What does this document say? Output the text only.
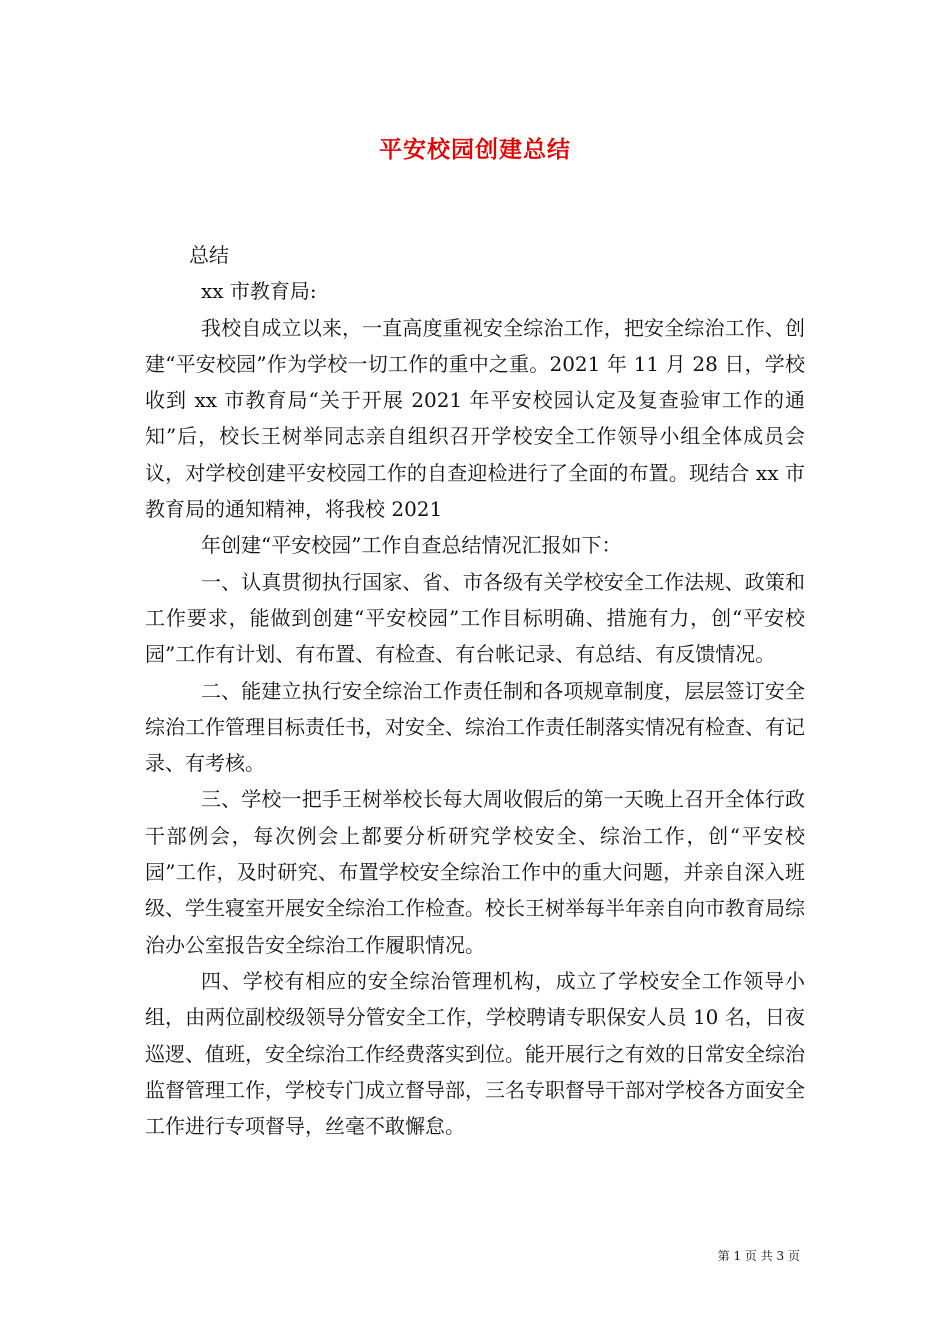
平安校园创建总结

总结

xx 市教育局:

我校自成立以来，一直高度重视安全综治工作，把安全综治工作、创建“平安校园”作为学校一切工作的重中之重。2021 年 11 月 28 日，学校收到 xx 市教育局“关于开展 2021 年平安校园认定及复查验审工作的通知”后，校长王树举同志亲自组织召开学校安全工作领导小组全体成员会议，对学校创建平安校园工作的自查迎检进行了全面的布置。现结合 xx 市教育局的通知精神，将我校 2021

年创建“平安校园”工作自查总结情况汇报如下：

一、认真贯彻执行国家、省、市各级有关学校安全工作法规、政策和工作要求，能做到创建“平安校园”工作目标明确、措施有力，创“平安校园”工作有计划、有布置、有检查、有台帐记录、有总结、有反馈情况。

二、能建立执行安全综治工作责任制和各项规章制度，层层签订安全综治工作管理目标责任书，对安全、综治工作责任制落实情况有检查、有记录、有考核。

三、学校一把手王树举校长每大周收假后的第一天晚上召开全体行政干部例会，每次例会上都要分析研究学校安全、综治工作，创“平安校园”工作，及时研究、布置学校安全综治工作中的重大问题，并亲自深入班级、学生寝室开展安全综治工作检查。校长王树举每半年亲自向市教育局综治办公室报告安全综治工作履职情况。

四、学校有相应的安全综治管理机构，成立了学校安全工作领导小组，由两位副校级领导分管安全工作，学校聘请专职保安人员 10 名，日夜巡逻、值班，安全综治工作经费落实到位。能开展行之有效的日常安全综治监督管理工作，学校专门成立督导部，三名专职督导干部对学校各方面安全工作进行专项督导，丝毫不敢懈怠。

第 1 页 共 3 页
